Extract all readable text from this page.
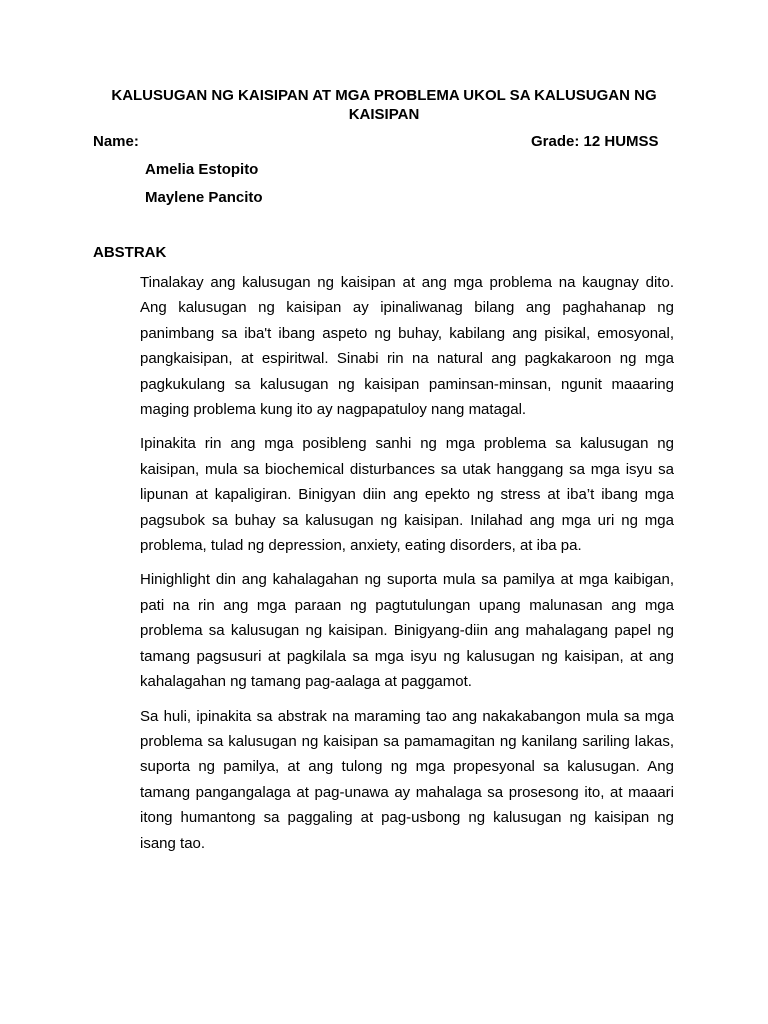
KALUSUGAN NG KAISIPAN AT MGA PROBLEMA UKOL SA KALUSUGAN NG KAISIPAN
Name:	Grade: 12 HUMSS
Amelia Estopito
Maylene Pancito
ABSTRAK

Tinalakay ang kalusugan ng kaisipan at ang mga problema na kaugnay dito. Ang kalusugan ng kaisipan ay ipinaliwanag bilang ang paghahanap ng panimbang sa iba't ibang aspeto ng buhay, kabilang ang pisikal, emosyonal, pangkaisipan, at espiritwal. Sinabi rin na natural ang pagkakaroon ng mga pagkukulang sa kalusugan ng kaisipan paminsan-minsan, ngunit maaaring maging problema kung ito ay nagpapatuloy nang matagal.

Ipinakita rin ang mga posibleng sanhi ng mga problema sa kalusugan ng kaisipan, mula sa biochemical disturbances sa utak hanggang sa mga isyu sa lipunan at kapaligiran. Binigyan diin ang epekto ng stress at iba’t ibang mga pagsubok sa buhay sa kalusugan ng kaisipan. Inilahad ang mga uri ng mga problema, tulad ng depression, anxiety, eating disorders, at iba pa.

Hinighlight din ang kahalagahan ng suporta mula sa pamilya at mga kaibigan, pati na rin ang mga paraan ng pagtutulungan upang malunasan ang mga problema sa kalusugan ng kaisipan. Binigyang-diin ang mahalagang papel ng tamang pagsusuri at pagkilala sa mga isyu ng kalusugan ng kaisipan, at ang kahalagahan ng tamang pag-aalaga at paggamot.

Sa huli, ipinakita sa abstrak na maraming tao ang nakakabangon mula sa mga problema sa kalusugan ng kaisipan sa pamamagitan ng kanilang sariling lakas, suporta ng pamilya, at ang tulong ng mga propesyonal sa kalusugan. Ang tamang pangangalaga at pag-unawa ay mahalaga sa prosesong ito, at maaari itong humantong sa paggaling at pag-usbong ng kalusugan ng kaisipan ng isang tao.
